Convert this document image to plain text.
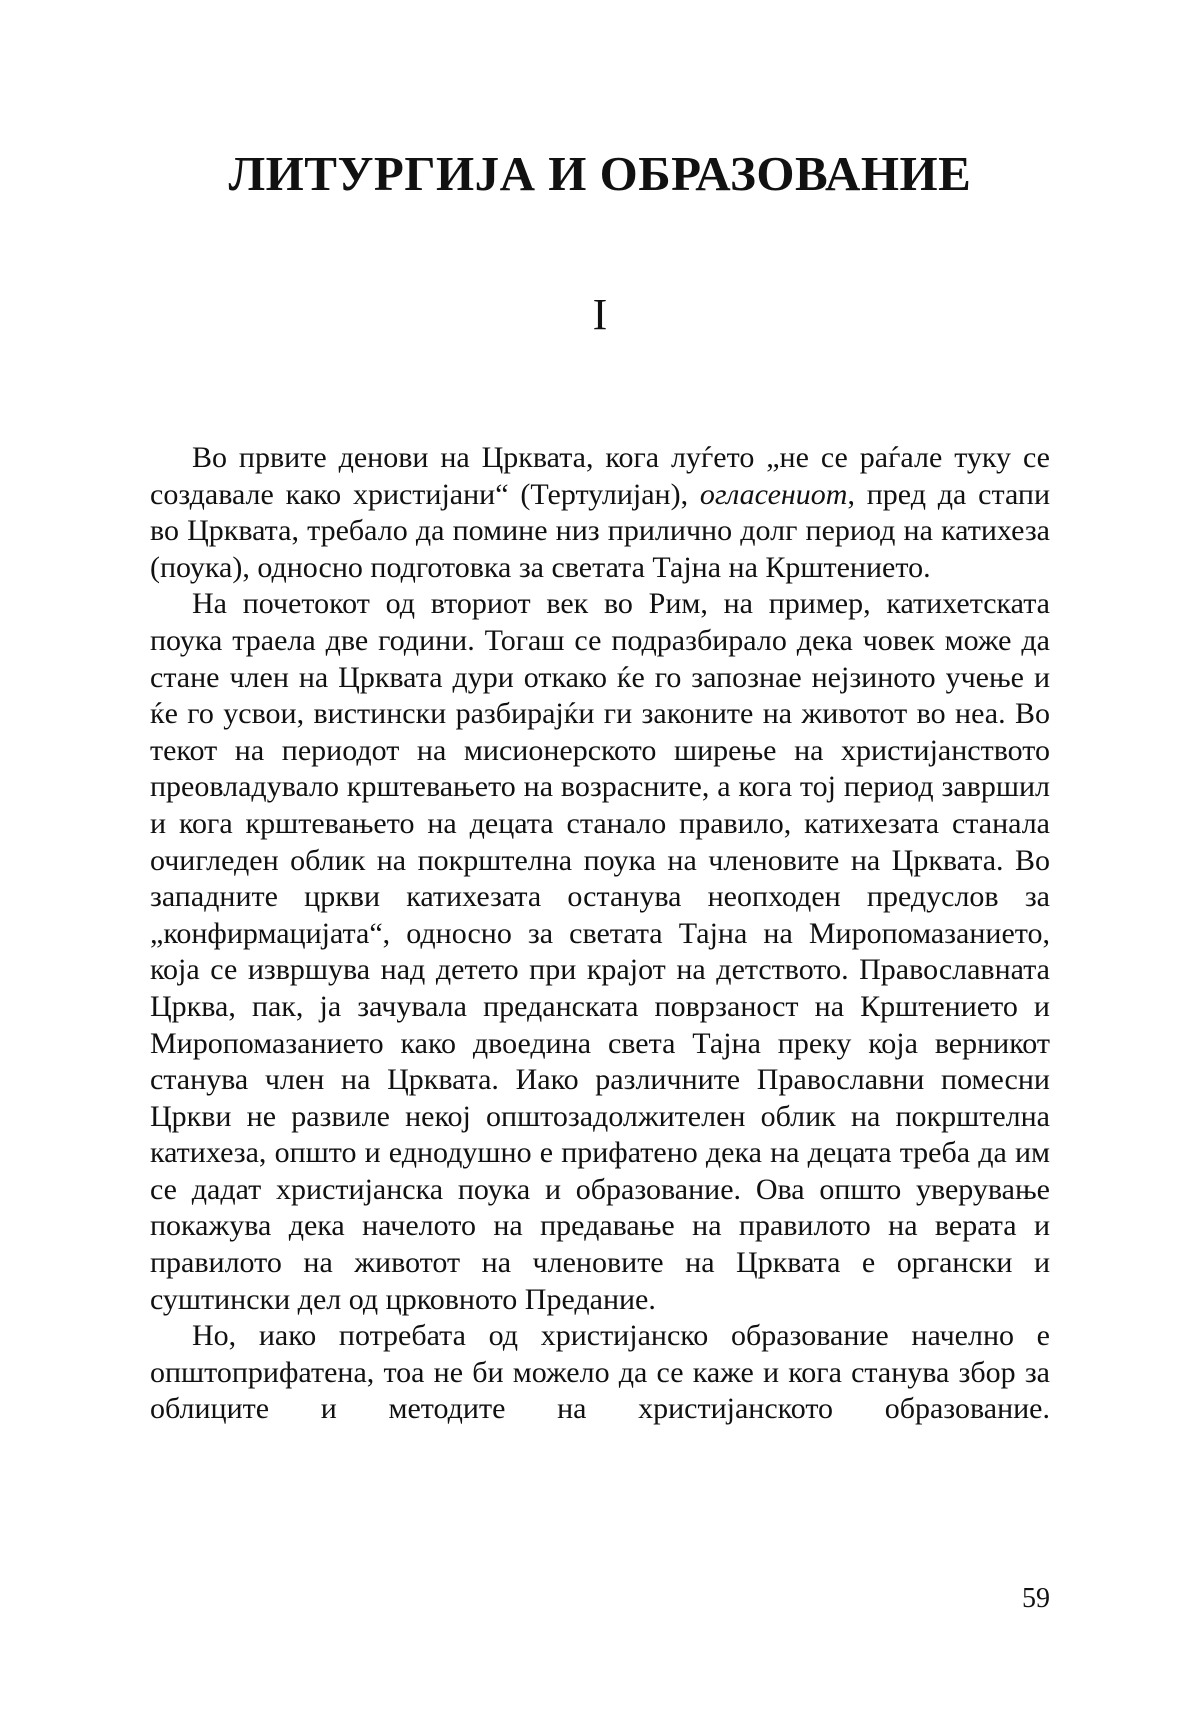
ЛИТУРГИЈА И ОБРАЗОВАНИЕ
I

Во првите денови на Црквата, кога луѓето „не се раѓале туку се создавале како христијани“ (Тертулијан), огласениот, пред да стапи во Црквата, требало да помине низ прилично долг период на катихеза (поука), односно подготовка за светата Тајна на Крштението.

На почетокот од вториот век во Рим, на пример, катихетската поука траела две години. Тогаш се подразбирало дека човек може да стане член на Црквата дури откако ќе го запознае нејзиното учење и ќе го усвои, вистински разбирајќи ги законите на животот во неа. Во текот на периодот на мисионерското ширење на христијанството преовладувало крштевањето на возрасните, а кога тој период завршил и кога крштевањето на децата станало правило, катихезата станала очигледен облик на покрштелна поука на членовите на Црквата. Во западните цркви катихезата останува неопходен предуслов за „конфирмацијата“, односно за светата Тајна на Миропомазанието, која се извршува над детето при крајот на детството. Православната Црква, пак, ја зачувала преданската поврзаност на Крштението и Миропомазанието како двоедина света Тајна преку која верникот станува член на Црквата. Иако различните Православни помесни Цркви не развиле некој општозадолжителен облик на покрштелна катихеза, општо и еднодушно е прифатено дека на децата треба да им се дадат христијанска поука и образование. Ова општо уверување покажува дека начелото на предавање на правилото на верата и правилото на животот на членовите на Црквата е органски и суштински дел од црковното Предание.

Но, иако потребата од христијанско образование начелно е општоприфатена, тоа не би можело да се каже и кога станува збор за облиците и методите на христијанското образование.

59
